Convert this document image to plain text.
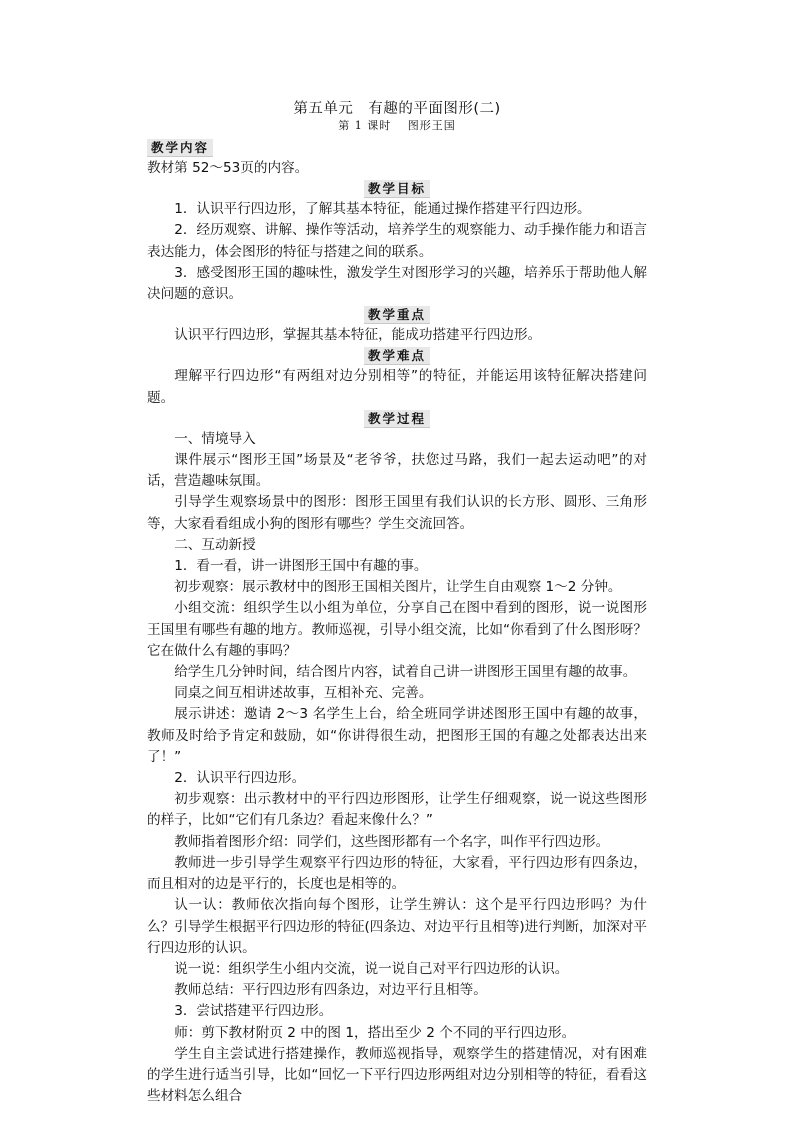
第五单元　有趣的平面图形(二)
第 1 课时　 图形王国
教学内容

教材第 52～53页的内容。

教学目标

1．认识平行四边形，了解其基本特征，能通过操作搭建平行四边形。

2．经历观察、讲解、操作等活动，培养学生的观察能力、动手操作能力和语言表达能力，体会图形的特征与搭建之间的联系。

3．感受图形王国的趣味性，激发学生对图形学习的兴趣，培养乐于帮助他人解决问题的意识。

教学重点

认识平行四边形，掌握其基本特征，能成功搭建平行四边形。

教学难点

理解平行四边形“有两组对边分别相等”的特征，并能运用该特征解决搭建问题。

教学过程

一、情境导入

课件展示“图形王国”场景及“老爷爷，扶您过马路，我们一起去运动吧”的对话，营造趣味氛围。

引导学生观察场景中的图形：图形王国里有我们认识的长方形、圆形、三角形等，大家看看组成小狗的图形有哪些？学生交流回答。

二、互动新授

1．看一看，讲一讲图形王国中有趣的事。

初步观察：展示教材中的图形王国相关图片，让学生自由观察 1～2 分钟。

小组交流：组织学生以小组为单位，分享自己在图中看到的图形，说一说图形王国里有哪些有趣的地方。教师巡视，引导小组交流，比如“你看到了什么图形呀？它在做什么有趣的事吗？

给学生几分钟时间，结合图片内容，试着自己讲一讲图形王国里有趣的故事。

同桌之间互相讲述故事，互相补充、完善。

展示讲述：邀请 2～3 名学生上台，给全班同学讲述图形王国中有趣的故事，教师及时给予肯定和鼓励，如“你讲得很生动，把图形王国的有趣之处都表达出来了！”

2．认识平行四边形。

初步观察：出示教材中的平行四边形图形，让学生仔细观察，说一说这些图形的样子，比如“它们有几条边？看起来像什么？”

教师指着图形介绍：同学们，这些图形都有一个名字，叫作平行四边形。

教师进一步引导学生观察平行四边形的特征，大家看，平行四边形有四条边，而且相对的边是平行的，长度也是相等的。

认一认：教师依次指向每个图形，让学生辨认：这个是平行四边形吗？为什么？引导学生根据平行四边形的特征(四条边、对边平行且相等)进行判断，加深对平行四边形的认识。

说一说：组织学生小组内交流，说一说自己对平行四边形的认识。

教师总结：平行四边形有四条边，对边平行且相等。

3．尝试搭建平行四边形。

师：剪下教材附页 2 中的图 1，搭出至少 2 个不同的平行四边形。

学生自主尝试进行搭建操作，教师巡视指导，观察学生的搭建情况，对有困难的学生进行适当引导，比如“回忆一下平行四边形两组对边分别相等的特征，看看这些材料怎么组合
